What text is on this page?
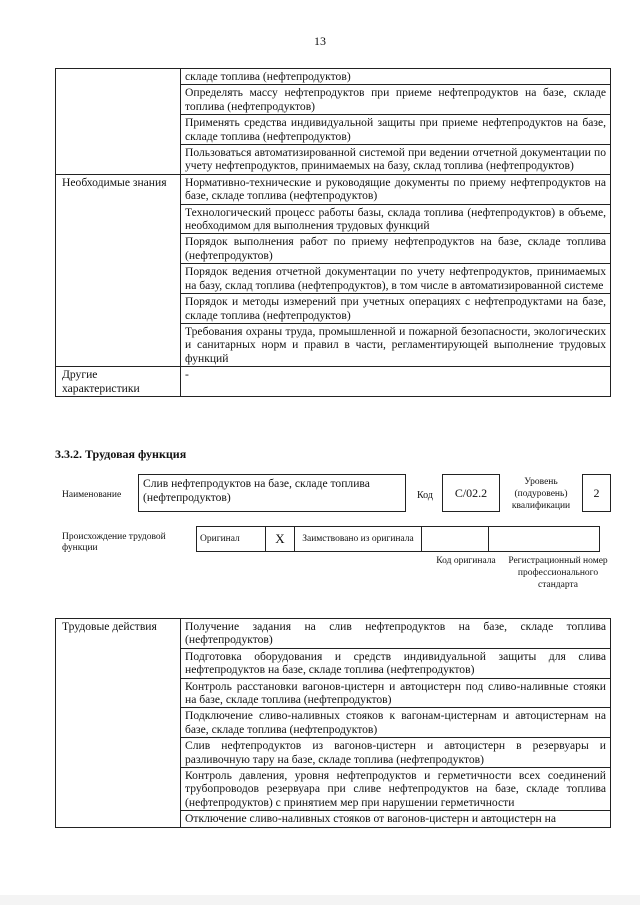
13
	складе топлива (нефтепродуктов)
	Определять массу нефтепродуктов при приеме нефтепродуктов на базе, складе топлива (нефтепродуктов)
	Применять средства индивидуальной защиты при приеме нефтепродуктов на базе, складе топлива (нефтепродуктов)
	Пользоваться автоматизированной системой при ведении отчетной документации по учету нефтепродуктов, принимаемых на базу, склад топлива (нефтепродуктов)
Необходимые знания	Нормативно-технические и руководящие документы по приему нефтепродуктов на базе, складе топлива (нефтепродуктов)
	Технологический процесс работы базы, склада топлива (нефтепродуктов) в объеме, необходимом для выполнения трудовых функций
	Порядок выполнения работ по приему нефтепродуктов на базе, складе топлива (нефтепродуктов)
	Порядок ведения отчетной документации по учету нефтепродуктов, принимаемых на базу, склад топлива (нефтепродуктов), в том числе в автоматизированной системе
	Порядок и методы измерений при учетных операциях с нефтепродуктами на базе, складе топлива (нефтепродуктов)
	Требования охраны труда, промышленной и пожарной безопасности, экологических и санитарных норм и правил в части, регламентирующей выполнение трудовых функций
Другие характеристики	-
3.3.2. Трудовая функция
Наименование
Слив нефтепродуктов на базе, складе топлива (нефтепродуктов)	Код	C/02.2
Уровень (подуровень) квалификации
2
Происхождение трудовой функции
Оригинал	X	Заимствовано из оригинала		
Код оригинала Регистрационный номер профессионального стандарта
Трудовые действия	Получение задания на слив нефтепродуктов на базе, складе топлива (нефтепродуктов)
Подготовка оборудования и средств индивидуальной защиты для слива нефтепродуктов на базе, складе топлива (нефтепродуктов)
Контроль расстановки вагонов-цистерн и автоцистерн под сливо-наливные стояки на базе, складе топлива (нефтепродуктов)
Подключение сливо-наливных стояков к вагонам-цистернам и автоцистернам на базе, складе топлива (нефтепродуктов)
Слив нефтепродуктов из вагонов-цистерн и автоцистерн в резервуары и разливочную тару на базе, складе топлива (нефтепродуктов)
Контроль давления, уровня нефтепродуктов и герметичности всех соединений трубопроводов резервуара при сливе нефтепродуктов на базе, складе топлива (нефтепродуктов) с принятием мер при нарушении герметичности
Отключение сливо-наливных стояков от вагонов-цистерн и автоцистерн на
